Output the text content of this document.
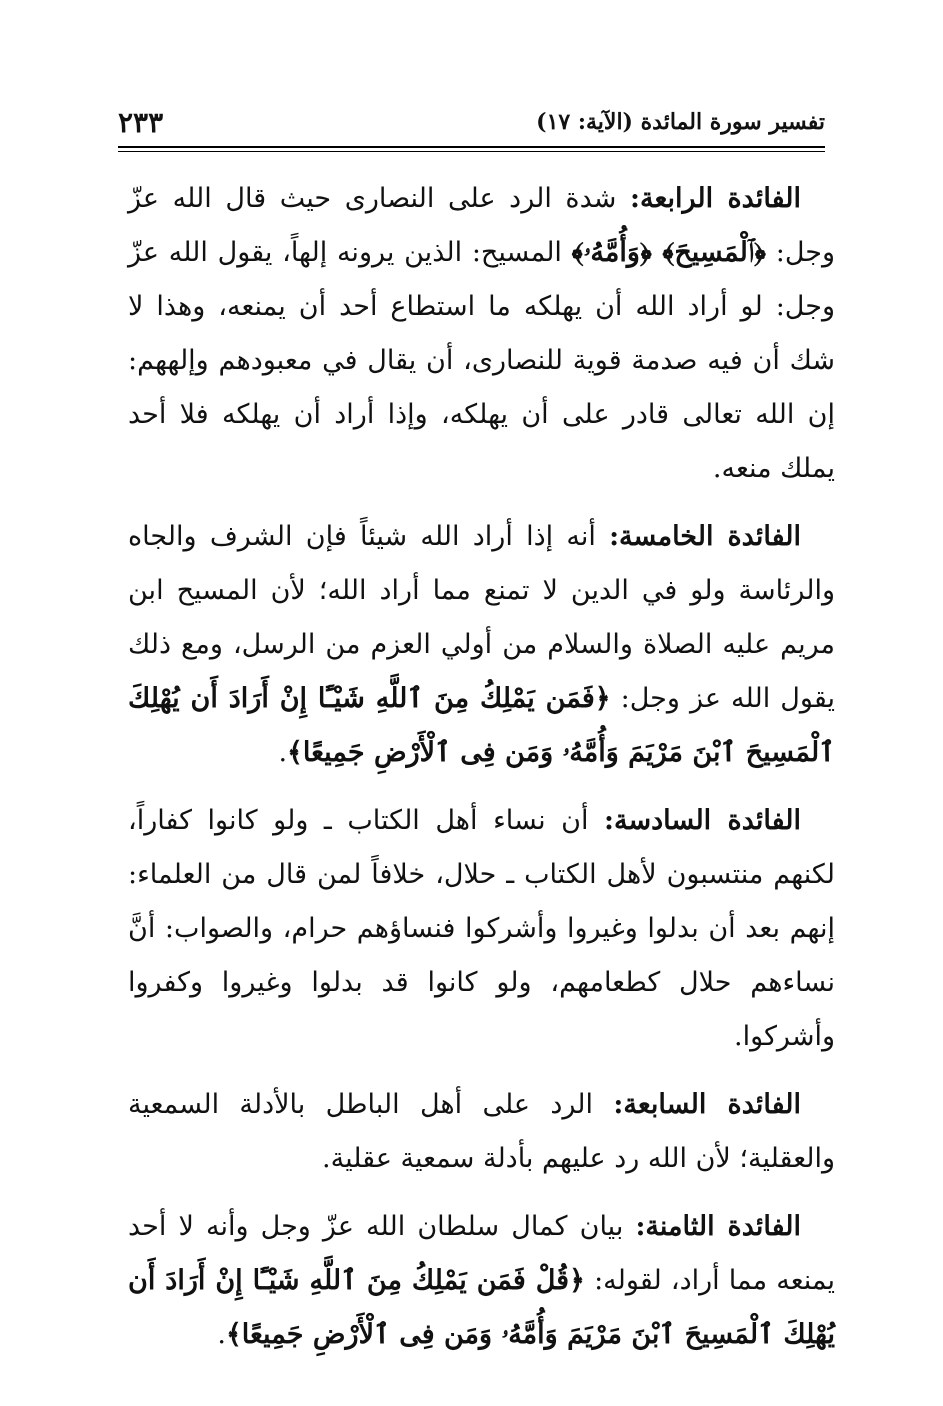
تفسير سورة المائدة (الآية: ١٧)
٢٣٣

الفائدة الرابعة: شدة الرد على النصارى حيث قال الله عزّ وجل: ﴿ٱلْمَسِيحَ﴾ ﴿وَأُمَّهُۥ﴾ المسيح: الذين يرونه إلهاً، يقول الله عزّ وجل: لو أراد الله أن يهلكه ما استطاع أحد أن يمنعه، وهذا لا شك أن فيه صدمة قوية للنصارى، أن يقال في معبودهم وإلههم: إن الله تعالى قادر على أن يهلكه، وإذا أراد أن يهلكه فلا أحد يملك منعه.

الفائدة الخامسة: أنه إذا أراد الله شيئاً فإن الشرف والجاه والرئاسة ولو في الدين لا تمنع مما أراد الله؛ لأن المسيح ابن مريم عليه الصلاة والسلام من أولي العزم من الرسل، ومع ذلك يقول الله عز وجل: ﴿فَمَن يَمْلِكُ مِنَ ٱللَّهِ شَيْـًٔا إِنْ أَرَادَ أَن يُهْلِكَ ٱلْمَسِيحَ ٱبْنَ مَرْيَمَ وَأُمَّهُۥ وَمَن فِى ٱلْأَرْضِ جَمِيعًا﴾.

الفائدة السادسة: أن نساء أهل الكتاب ـ ولو كانوا كفاراً، لكنهم منتسبون لأهل الكتاب ـ حلال، خلافاً لمن قال من العلماء: إنهم بعد أن بدلوا وغيروا وأشركوا فنساؤهم حرام، والصواب: أنَّ نساءهم حلال كطعامهم، ولو كانوا قد بدلوا وغيروا وكفروا وأشركوا.

الفائدة السابعة: الرد على أهل الباطل بالأدلة السمعية والعقلية؛ لأن الله رد عليهم بأدلة سمعية عقلية.

الفائدة الثامنة: بيان كمال سلطان الله عزّ وجل وأنه لا أحد يمنعه مما أراد، لقوله: ﴿قُلْ فَمَن يَمْلِكُ مِنَ ٱللَّهِ شَيْـًٔا إِنْ أَرَادَ أَن يُهْلِكَ ٱلْمَسِيحَ ٱبْنَ مَرْيَمَ وَأُمَّهُۥ وَمَن فِى ٱلْأَرْضِ جَمِيعًا﴾.
